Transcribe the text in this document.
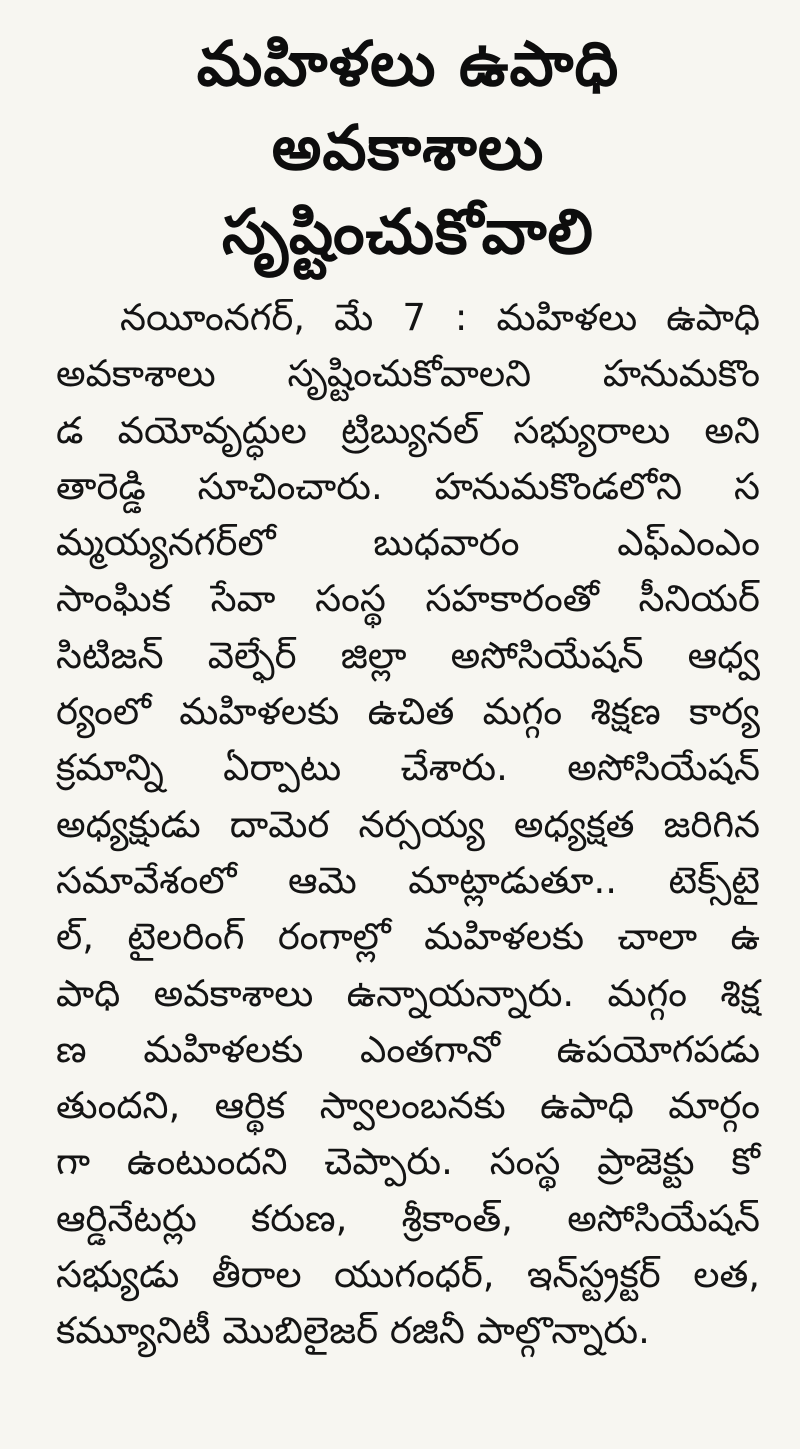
మహిళలు ఉపాధి అవకాశాలు
సృష్టించుకోవాలి
నయీంనగర్, మే 7 : మహిళలు ఉపాధి
అవకాశాలు సృష్టించుకోవాలని హనుమకొం
డ వయోవృద్ధుల ట్రిబ్యునల్ సభ్యురాలు అని
తారెడ్డి సూచించారు. హనుమకొండలోని స
మ్మయ్యనగర్‌లో బుధవారం ఎఫ్‌ఎంఎం
సాంఘిక సేవా సంస్థ సహకారంతో సీనియర్
సిటిజన్ వెల్ఫేర్ జిల్లా అసోసియేషన్ ఆధ్వ
ర్యంలో మహిళలకు ఉచిత మగ్గం శిక్షణ కార్య
క్రమాన్ని ఏర్పాటు చేశారు. అసోసియేషన్
అధ్యక్షుడు దామెర నర్సయ్య అధ్యక్షత జరిగిన
సమావేశంలో ఆమె మాట్లాడుతూ.. టెక్స్‌టై
ల్, టైలరింగ్ రంగాల్లో మహిళలకు చాలా ఉ
పాధి అవకాశాలు ఉన్నాయన్నారు. మగ్గం శిక్ష
ణ మహిళలకు ఎంతగానో ఉపయోగపడు
తుందని, ఆర్థిక స్వాలంబనకు ఉపాధి మార్గం
గా ఉంటుందని చెప్పారు. సంస్థ ప్రాజెక్టు కో
ఆర్డినేటర్లు కరుణ, శ్రీకాంత్, అసోసియేషన్
సభ్యుడు తీరాల యుగంధర్, ఇన్‌స్ట్రక్టర్ లత,
కమ్యూనిటీ మొబిలైజర్ రజినీ పాల్గొన్నారు.
